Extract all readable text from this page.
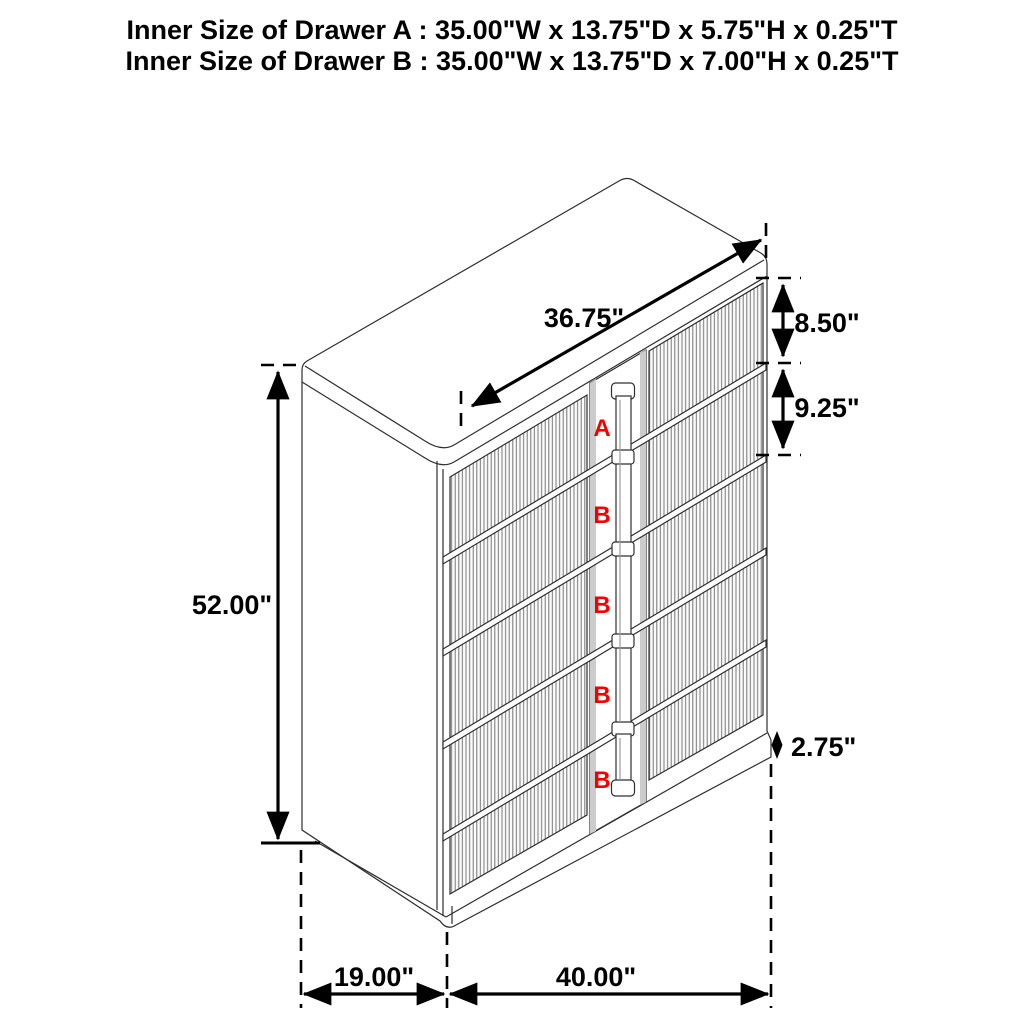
Inner Size of Drawer A : 35.00"W x 13.75"D x 5.75"H x 0.25"T
Inner Size of Drawer B : 35.00"W x 13.75"D x 7.00"H x 0.25"T
A
B
B
B
B
36.75"
52.00"
8.50"
9.25"
2.75"
19.00"	40.00"
